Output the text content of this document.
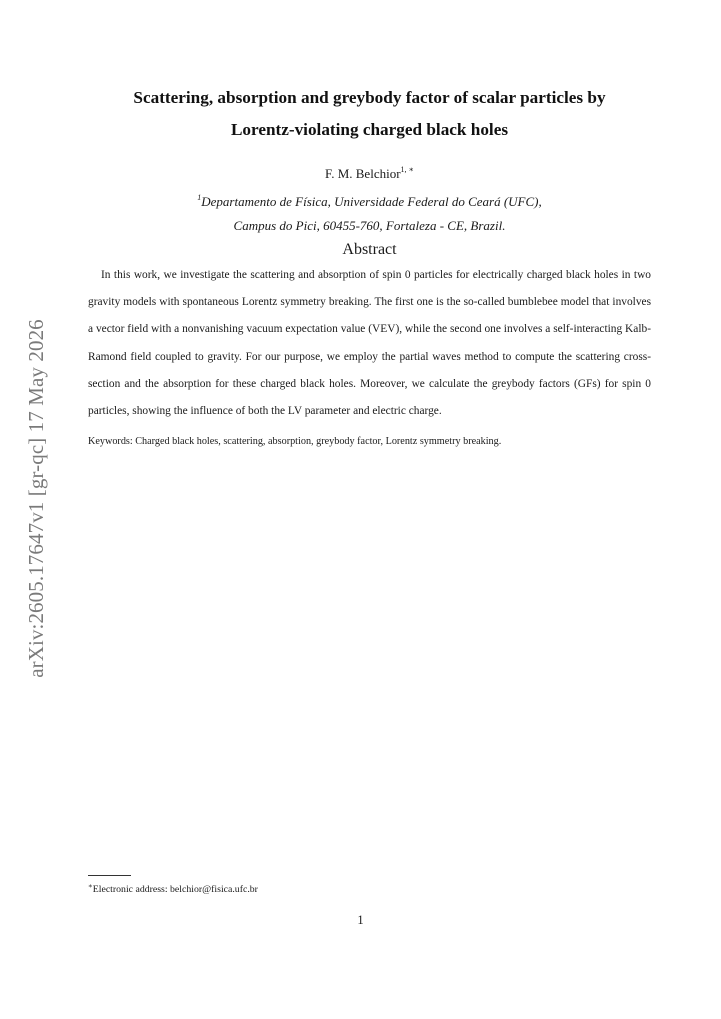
arXiv:2605.17647v1 [gr-qc] 17 May 2026
Scattering, absorption and greybody factor of scalar particles by
Lorentz-violating charged black holes
F. M. Belchior$^{1, ∗}$
$^1$Departamento de Física, Universidade Federal do Ceará (UFC),
Campus do Pici, 60455-760, Fortaleza - CE, Brazil.
Abstract

In this work, we investigate the scattering and absorption of spin 0 particles for electrically charged black holes in two gravity models with spontaneous Lorentz symmetry breaking. The first one is the so-called bumblebee model that involves a vector field with a nonvanishing vacuum expectation value (VEV), while the second one involves a self-interacting Kalb-Ramond field coupled to gravity. For our purpose, we employ the partial waves method to compute the scattering cross-section and the absorption for these charged black holes. Moreover, we calculate the greybody factors (GFs) for spin 0 particles, showing the influence of both the LV parameter and electric charge.

Keywords: Charged black holes, scattering, absorption, greybody factor, Lorentz symmetry breaking.
∗Electronic address: belchior@fisica.ufc.br
1
